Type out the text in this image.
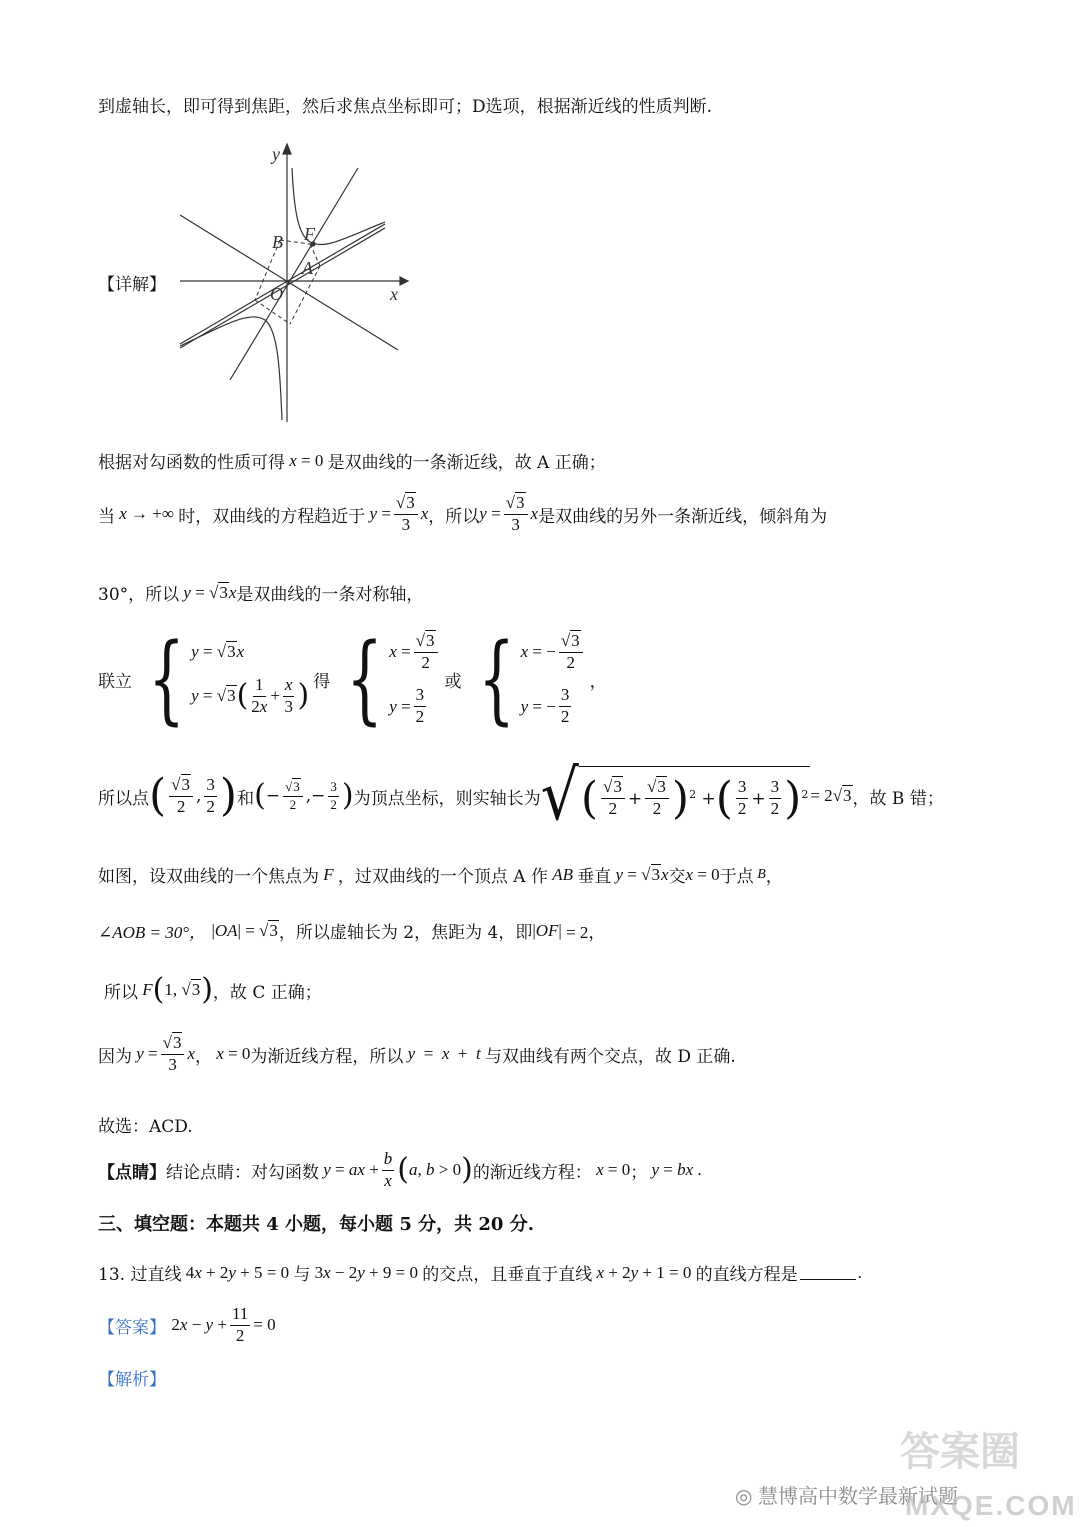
到虚轴长，即可得到焦距，然后求焦点坐标即可；D选项，根据渐近线的性质判断.
【详解】
y
x
B F
A
O
根据对勾函数的性质可得 x = 0 是双曲线的一条渐近线，故 A 正确；
当 x → +∞ 时，双曲线的方程趋近于 $y = \frac{√3}{3}$ x ，所以 $y = \frac{√3}{3}$ x 是双曲线的另外一条渐近线，倾斜角为
30°，所以 y = √3 x 是双曲线的一条对称轴，
联立 { y = √3 x
y = √3 ( $\frac{1}{2x} + \frac{x}{3}$ ) 得 { $x = \frac{√3}{2}$
$y = \frac{3}{2}$
或 { x = − $\frac{√3}{2}$
y = − $\frac{3}{2}$
，
所以点 ( $\frac{√3}{2}$ , $\frac{3}{2}$ ) 和 ( − $\frac{√3}{2}$ ,− $\frac{3}{2}$ ) 为顶点坐标，则实轴长为 √ ( $\frac{√3}{2} + \frac{√3}{2} )^2$ + ( $\frac{3}{2} + \frac{3}{2} )^2 = 2$ √3 ，故 B 错；
如图，设双曲线的一个焦点为 F ，过双曲线的一个顶点 A 作 AB 垂直 y = √3 x 交 x = 0 于点 B ，
∠AOB = 30°，
| OA | = √3 ，所以虚轴长为 2，焦距为 4，即 | OF | = 2，
所以 F ( 1, √3 ) ，故 C 正确；
因为 $y = \frac{√3}{3}$ x ， x = 0 为渐近线方程，所以 y = x + t 与双曲线有两个交点，故 D 正确.
故选：ACD.
【点睛】 结论点睛：对勾函数 y = ax + $\frac{b}{x}$ ( a , b > 0 ) 的渐近线方程： x = 0 ； y = bx .
三、填空题：本题共 4 小题，每小题 5 分，共 20 分.
13. 过直线 4 x + 2 y + 5 = 0 与 3 x − 2 y + 9 = 0 的交点，且垂直于直线 x + 2 y + 1 = 0 的直线方程是	.
【答案】
2 $x - y + \frac{11}{2} = 0$
【解析】
◎ 慧博高中数学最新试题
答案圈
MXQE.COM
